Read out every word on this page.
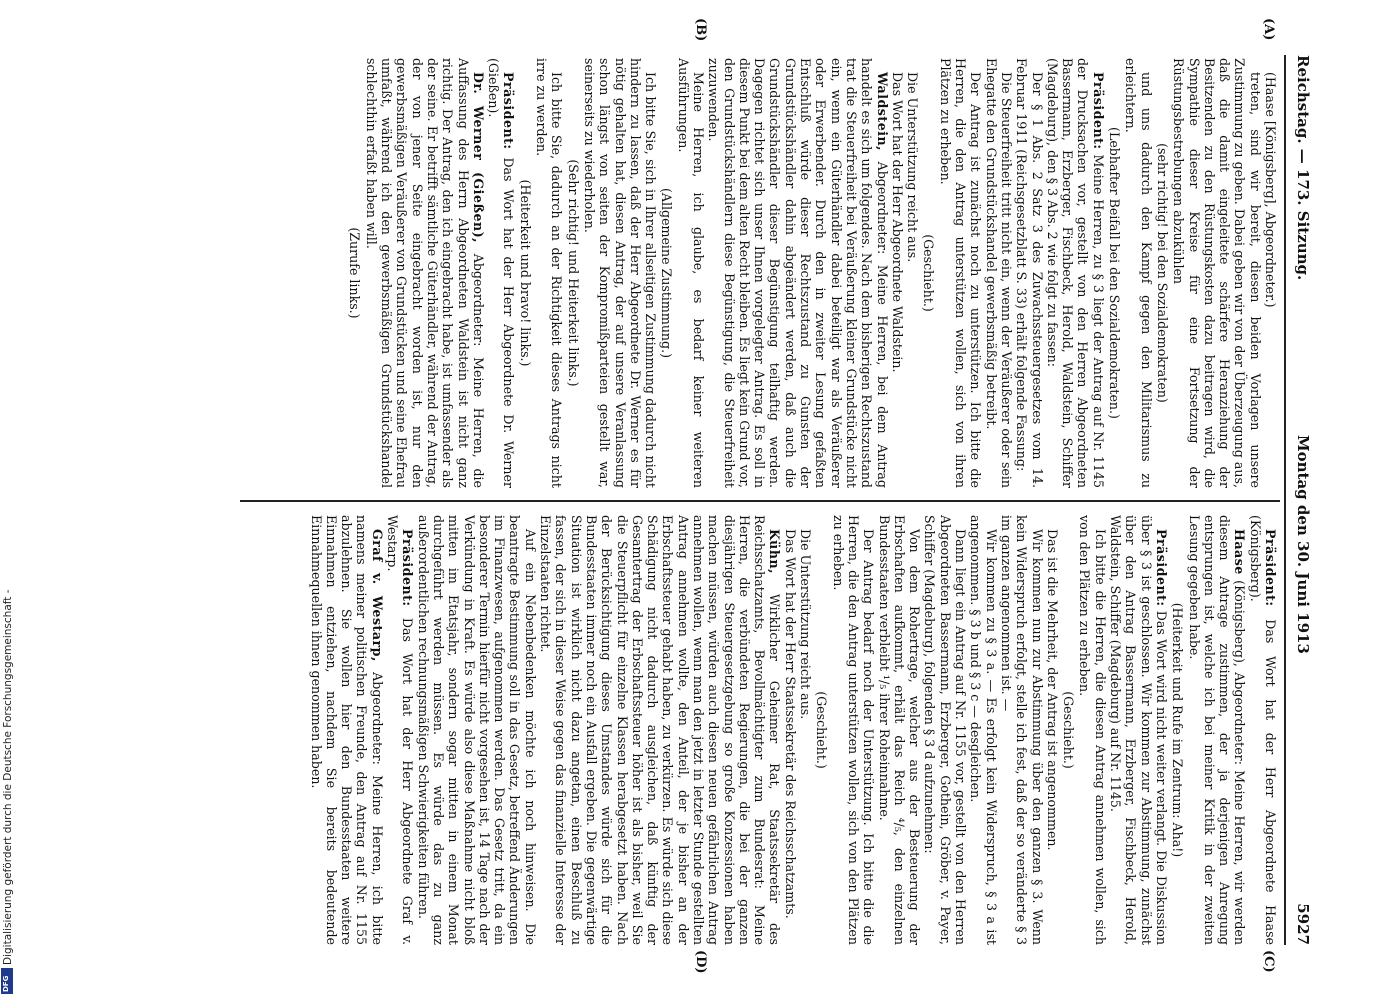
Reichstag. — 173. Sitzung.
Montag den 30. Juni 1913
5927
(A)
(B)
(C)
(D)

(Haase [Königsberg], Abgeordneter.)

treten, sind wir bereit, diesen beiden Vorlagen unsere Zustimmung zu geben. Dabei geben wir von der Überzeugung aus, daß die damit eingeleitete schärfere Heranziehung der Besitzenden zu den Rüstungskosten dazu beitragen wird, die Sympathie dieser Kreise für eine Fortsetzung der Rüstungsbestrebungen abzukühlen

(sehr richtig! bei den Sozialdemokraten)

und uns dadurch den Kampf gegen den Militarismus zu erleichtern.

(Lebhafter Beifall bei den Sozialdemokraten.)

Präsident: Meine Herren, zu § 3 liegt der Antrag auf Nr. 1145 der Drucksachen vor, gestellt von den Herren Abgeordneten Bassermann, Erzberger, Fischbeck, Herold, Waldstein, Schiffer (Magdeburg), den § 3 Abs. 2 wie folgt zu fassen:

Der § 1 Abs. 2 Satz 3 des Zuwachssteuergesetzes vom 14. Februar 1911 (Reichsgesetzblatt S. 33) erhält folgende Fassung:

Die Steuerfreiheit tritt nicht ein, wenn der Veräußerer oder sein Ehegatte den Grundstückshandel gewerbsmäßig betreibt.

Der Antrag ist zunächst noch zu unterstützen. Ich bitte die Herren, die den Antrag unterstützen wollen, sich von ihren Plätzen zu erheben.

(Geschieht.)

Die Unterstützung reicht aus.

Das Wort hat der Herr Abgeordnete Waldstein.

Waldstein, Abgeordneter: Meine Herren, bei dem Antrag handelt es sich um folgendes. Nach dem bisherigen Rechtszustand trat die Steuerfreiheit bei Veräußerung kleiner Grundstücke nicht ein, wenn ein Güterhändler dabei beteiligt war als Veräußerer oder Erwerbender. Durch den in zweiter Lesung gefaßten Entschluß würde dieser Rechtszustand zu Gunsten der Grundstückshändler dahin abgeändert werden, daß auch die Grundstückshändler dieser Begünstigung teilhaftig werden. Dagegen richtet sich unser Ihnen vorgelegter Antrag. Es soll in diesem Punkt bei dem alten Recht bleiben. Es liegt kein Grund vor, den Grundstückshändlern diese Begünstigung, die Steuerfreiheit zuzuwenden.

Meine Herren, ich glaube, es bedarf keiner weiteren Ausführungen.

(Allgemeine Zustimmung.)

Ich bitte Sie, sich in Ihrer allseitigen Zustimmung dadurch nicht hindern zu lassen, daß der Herr Abgeordnete Dr. Werner es für nötig gehalten hat, diesen Antrag, der auf unsere Veranlassung schon längst von seiten der Kompromißparteien gestellt war, seinerseits zu wiederholen.

(Sehr richtig! und Heiterkeit links.)

Ich bitte Sie, dadurch an der Richtigkeit dieses Antrags nicht irre zu werden.

(Heiterkeit und bravo! links.)

Präsident: Das Wort hat der Herr Abgeordnete Dr. Werner (Gießen).

Dr. Werner (Gießen), Abgeordneter: Meine Herren, die Auffassung des Herrn Abgeordneten Waldstein ist nicht ganz richtig. Der Antrag, den ich eingebracht habe, ist umfassender als der seine. Er betrifft sämtliche Güterhändler, während der Antrag, der von jener Seite eingebracht worden ist, nur den gewerbsmäßigen Veräußerer von Grundstücken und seine Ehefrau umfaßt, während ich den gewerbsmäßigen Grundstückshandel schlechthin erfaßt haben will.

(Zurufe links.)

Präsident: Das Wort hat der Herr Abgeordnete Haase (Königsberg).

Haase (Königsberg), Abgeordneter: Meine Herren, wir werden diesem Antrage zustimmen, der ja derjenigen Anregung entsprungen ist, welche ich bei meiner Kritik in der zweiten Lesung gegeben habe.

(Heiterkeit und Rufe im Zentrum: Aha!)

Präsident: Das Wort wird nicht weiter verlangt. Die Diskussion über § 3 ist geschlossen. Wir kommen zur Abstimmung, zunächst über den Antrag Bassermann, Erzberger, Fischbeck, Herold, Waldstein, Schiffer (Magdeburg) auf Nr. 1145.

Ich bitte die Herren, die diesen Antrag annehmen wollen, sich von den Plätzen zu erheben.

(Geschieht.)

Das ist die Mehrheit, der Antrag ist angenommen.

Wir kommen nun zur Abstimmung über den ganzen § 3. Wenn kein Widerspruch erfolgt, stelle ich fest, daß der so veränderte § 3 im ganzen angenommen ist. —

Wir kommen zu § 3 a. — Es erfolgt kein Widerspruch, § 3 a ist angenommen. § 3 b und § 3 c — desgleichen.

Dann liegt ein Antrag auf Nr. 1155 vor, gestellt von den Herren Abgeordneten Bassermann, Erzberger, Gothein, Gröber, v. Payer, Schiffer (Magdeburg), folgenden § 3 d aufzunehmen:

Von dem Rohertrage, welcher aus der Besteuerung der Erbschaften aufkommt, erhält das Reich ⁴/₅, den einzelnen Bundesstaaten verbleibt ¹/₅ ihrer Roheinnahme.

Der Antrag bedarf noch der Unterstützung. Ich bitte die die Herren, die den Antrag unterstützen wollen, sich von den Plätzen zu erheben.

(Geschieht.)

Die Unterstützung reicht aus.

Das Wort hat der Herr Staatssekretär des Reichsschatzamts.

Kühn, Wirklicher Geheimer Rat, Staatssekretär des Reichsschatzamts, Bevollmächtigter zum Bundesrat: Meine Herren, die verbündeten Regierungen, die bei der ganzen diesjährigen Steuergesetzgebung so große Konzessionen haben machen müssen, würden auch diesen neuen gefährlichen Antrag annehmen wollen, wenn man den jetzt in letzter Stunde gestellten Antrag annehmen wollte, den Anteil, der je bisher an der Erbschaftssteuer gehabt haben, zu verkürzen. Es würde sich diese Schädigung nicht dadurch ausgleichen, daß künftig der Gesamtertrag der Erbschaftssteuer höher ist als bisher, weil Sie die Steuerpflicht für einzelne Klassen herabgesetzt haben. Nach der Berücksichtigung dieses Umstandes würde sich für die Bundesstaaten immer noch ein Ausfall ergeben. Die gegenwärtige Situation ist wirklich nicht dazu angetan, einen Beschluß zu fassen, der sich in dieser Weise gegen das finanzielle Interesse der Einzelstaaten richtet.

Auf ein Nebenbedenken möchte ich noch hinweisen. Die beantragte Bestimmung soll in das Gesetz, betreffend Änderungen im Finanzwesen, aufgenommen werden. Das Gesetz tritt, da ein besonderer Termin hierfür nicht vorgesehen ist, 14 Tage nach der Verkündung in Kraft. Es würde also diese Maßnahme nicht bloß mitten im Etatsjahr, sondern sogar mitten in einem Monat durchgeführt werden müssen. Es würde das zu ganz außerordentlichen rechnungsmäßigen Schwierigkeiten führen.

Präsident: Das Wort hat der Herr Abgeordnete Graf v. Westarp.

Graf v. Westarp, Abgeordneter: Meine Herren, ich bitte namens meiner politischen Freunde, den Antrag auf Nr. 1155 abzulehnen. Sie wollen hier den Bundesstaaten weitere Einnahmen entziehen, nachdem Sie bereits bedeutende Einnahmequellen ihnen genommen haben.

Digitalisierung gefördert durch die Deutsche Forschungsgemeinschaft -
DFG
